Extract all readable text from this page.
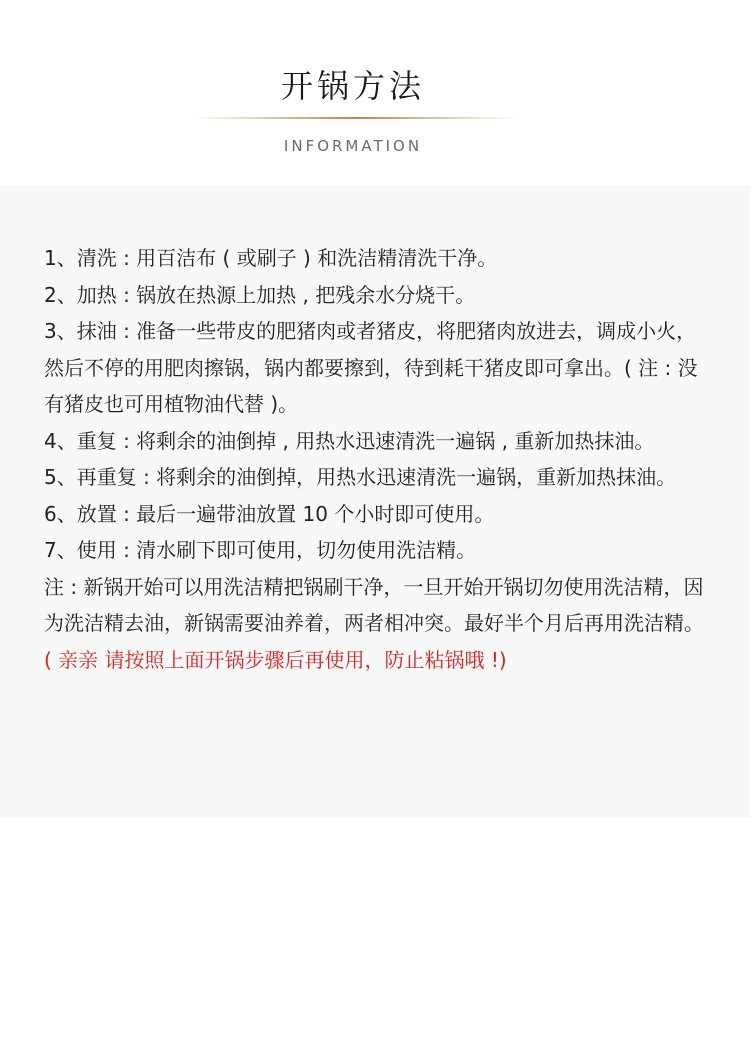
开锅方法
INFORMATION

1、清洗 : 用百洁布 ( 或刷子 ) 和洗洁精清洗干净。

2、加热 : 锅放在热源上加热 , 把残余水分烧干。

3、抹油 : 准备一些带皮的肥猪肉或者猪皮，将肥猪肉放进去，调成小火，然后不停的用肥肉擦锅，锅内都要擦到，待到耗干猪皮即可拿出。( 注 : 没有猪皮也可用植物油代替 )。

4、重复 : 将剩余的油倒掉 , 用热水迅速清洗一遍锅 , 重新加热抹油。

5、再重复 : 将剩余的油倒掉，用热水迅速清洗一遍锅，重新加热抹油。

6、放置 : 最后一遍带油放置 10 个小时即可使用。

7、使用 : 清水刷下即可使用，切勿使用洗洁精。

注 : 新锅开始可以用洗洁精把锅刷干净，一旦开始开锅切勿使用洗洁精，因为洗洁精去油，新锅需要油养着，两者相冲突。最好半个月后再用洗洁精。

( 亲亲 请按照上面开锅步骤后再使用，防止粘锅哦 !)
